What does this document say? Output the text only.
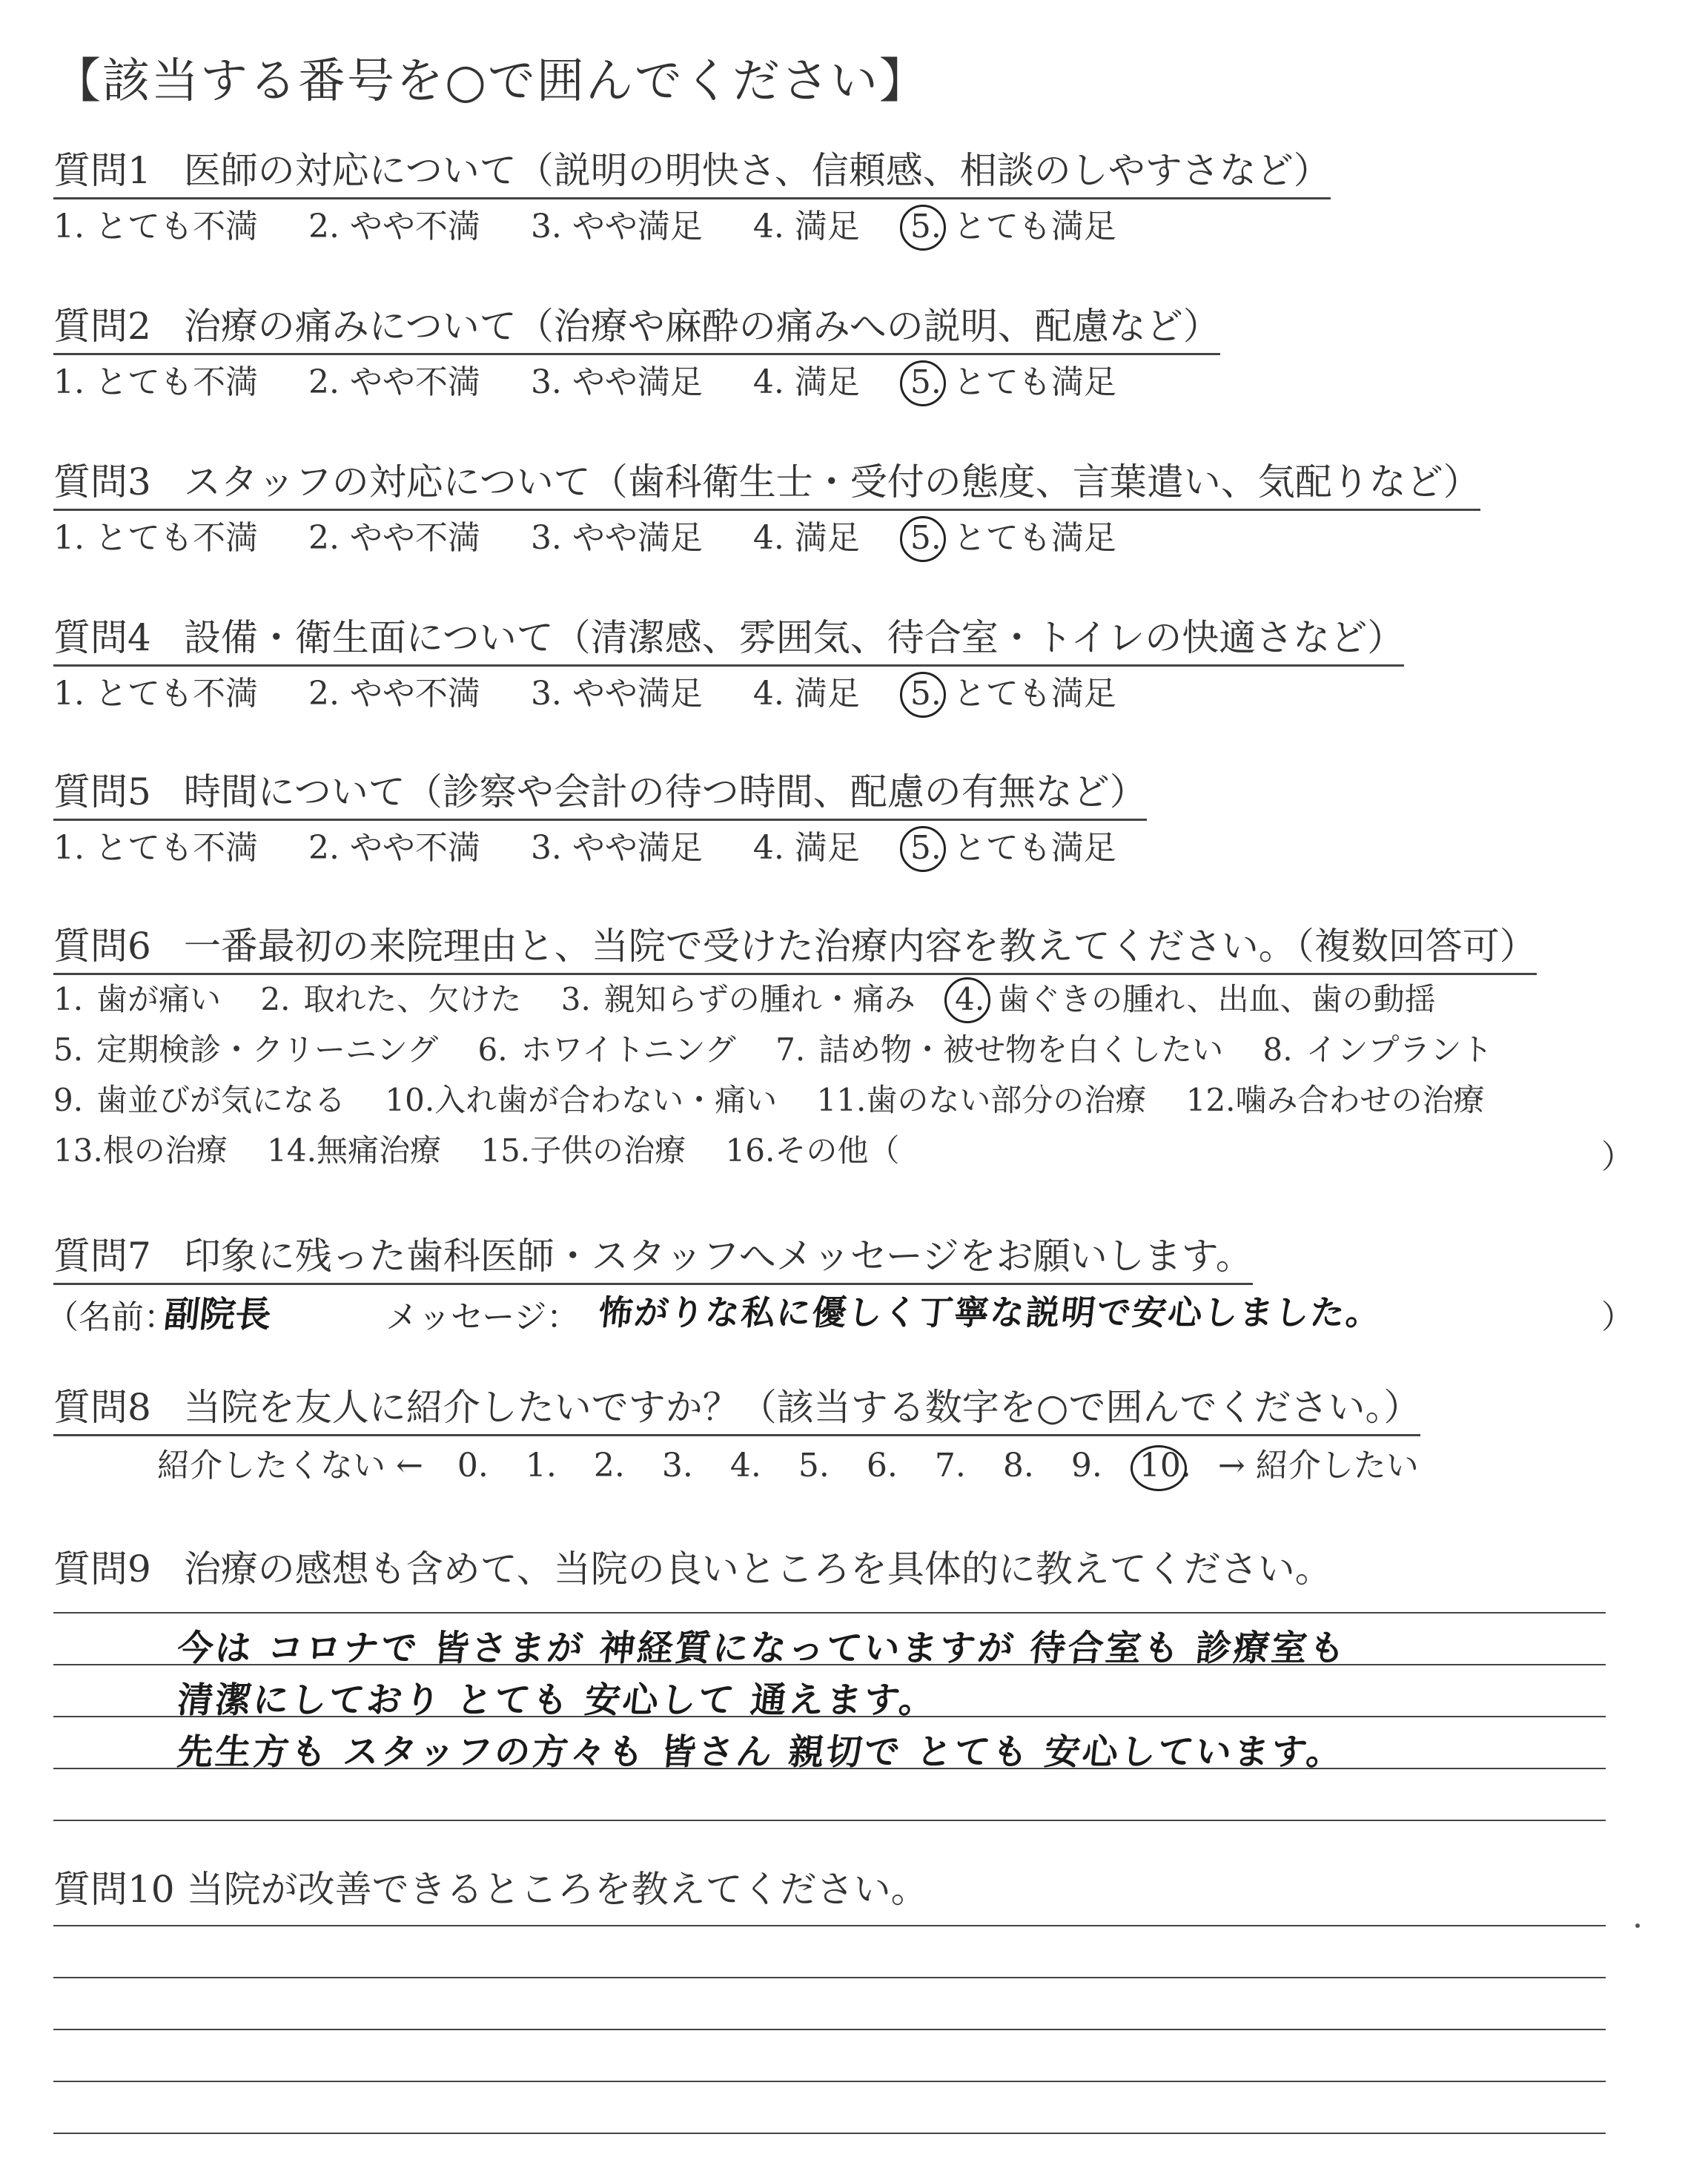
【該当する番号を○で囲んでください】
質問1 医師の対応について（説明の明快さ、信頼感、相談のしやすさなど）
1. とても不満 2. やや不満 3. やや満足 4. 満足 5. とても満足
質問2 治療の痛みについて（治療や麻酔の痛みへの説明、配慮など）
1. とても不満 2. やや不満 3. やや満足 4. 満足 5. とても満足
質問3 スタッフの対応について（歯科衛生士・受付の態度、言葉遣い、気配りなど）
1. とても不満 2. やや不満 3. やや満足 4. 満足 5. とても満足
質問4 設備・衛生面について（清潔感、雰囲気、待合室・トイレの快適さなど）
1. とても不満 2. やや不満 3. やや満足 4. 満足 5. とても満足
質問5 時間について（診察や会計の待つ時間、配慮の有無など）
1. とても不満 2. やや不満 3. やや満足 4. 満足 5. とても満足
質問6 一番最初の来院理由と、当院で受けた治療内容を教えてください。（複数回答可）
1. 歯が痛い 2. 取れた、欠けた 3. 親知らずの腫れ・痛み 4. 歯ぐきの腫れ、出血、歯の動揺
5. 定期検診・クリーニング 6. ホワイトニング 7. 詰め物・被せ物を白くしたい 8. インプラント
9. 歯並びが気になる 10.入れ歯が合わない・痛い 11.歯のない部分の治療 12.噛み合わせの治療
13.根の治療 14.無痛治療 15.子供の治療 16.その他（	）
質問7 印象に残った歯科医師・スタッフへメッセージをお願いします。
（名前：
副院長	メッセージ： 怖がりな私に優しく丁寧な説明で安心しました。	）
質問8 当院を友人に紹介したいですか？（該当する数字を○で囲んでください。）
紹介したくない ← 0. 1. 2. 3. 4. 5. 6. 7. 8. 9. 10. → 紹介したい
質問9 治療の感想も含めて、当院の良いところを具体的に教えてください。
今は コロナで 皆さまが 神経質になっていますが 待合室も 診療室も
清潔にしており とても 安心して 通えます。
先生方も スタッフの方々も 皆さん 親切で とても 安心しています。
質問10 当院が改善できるところを教えてください。
